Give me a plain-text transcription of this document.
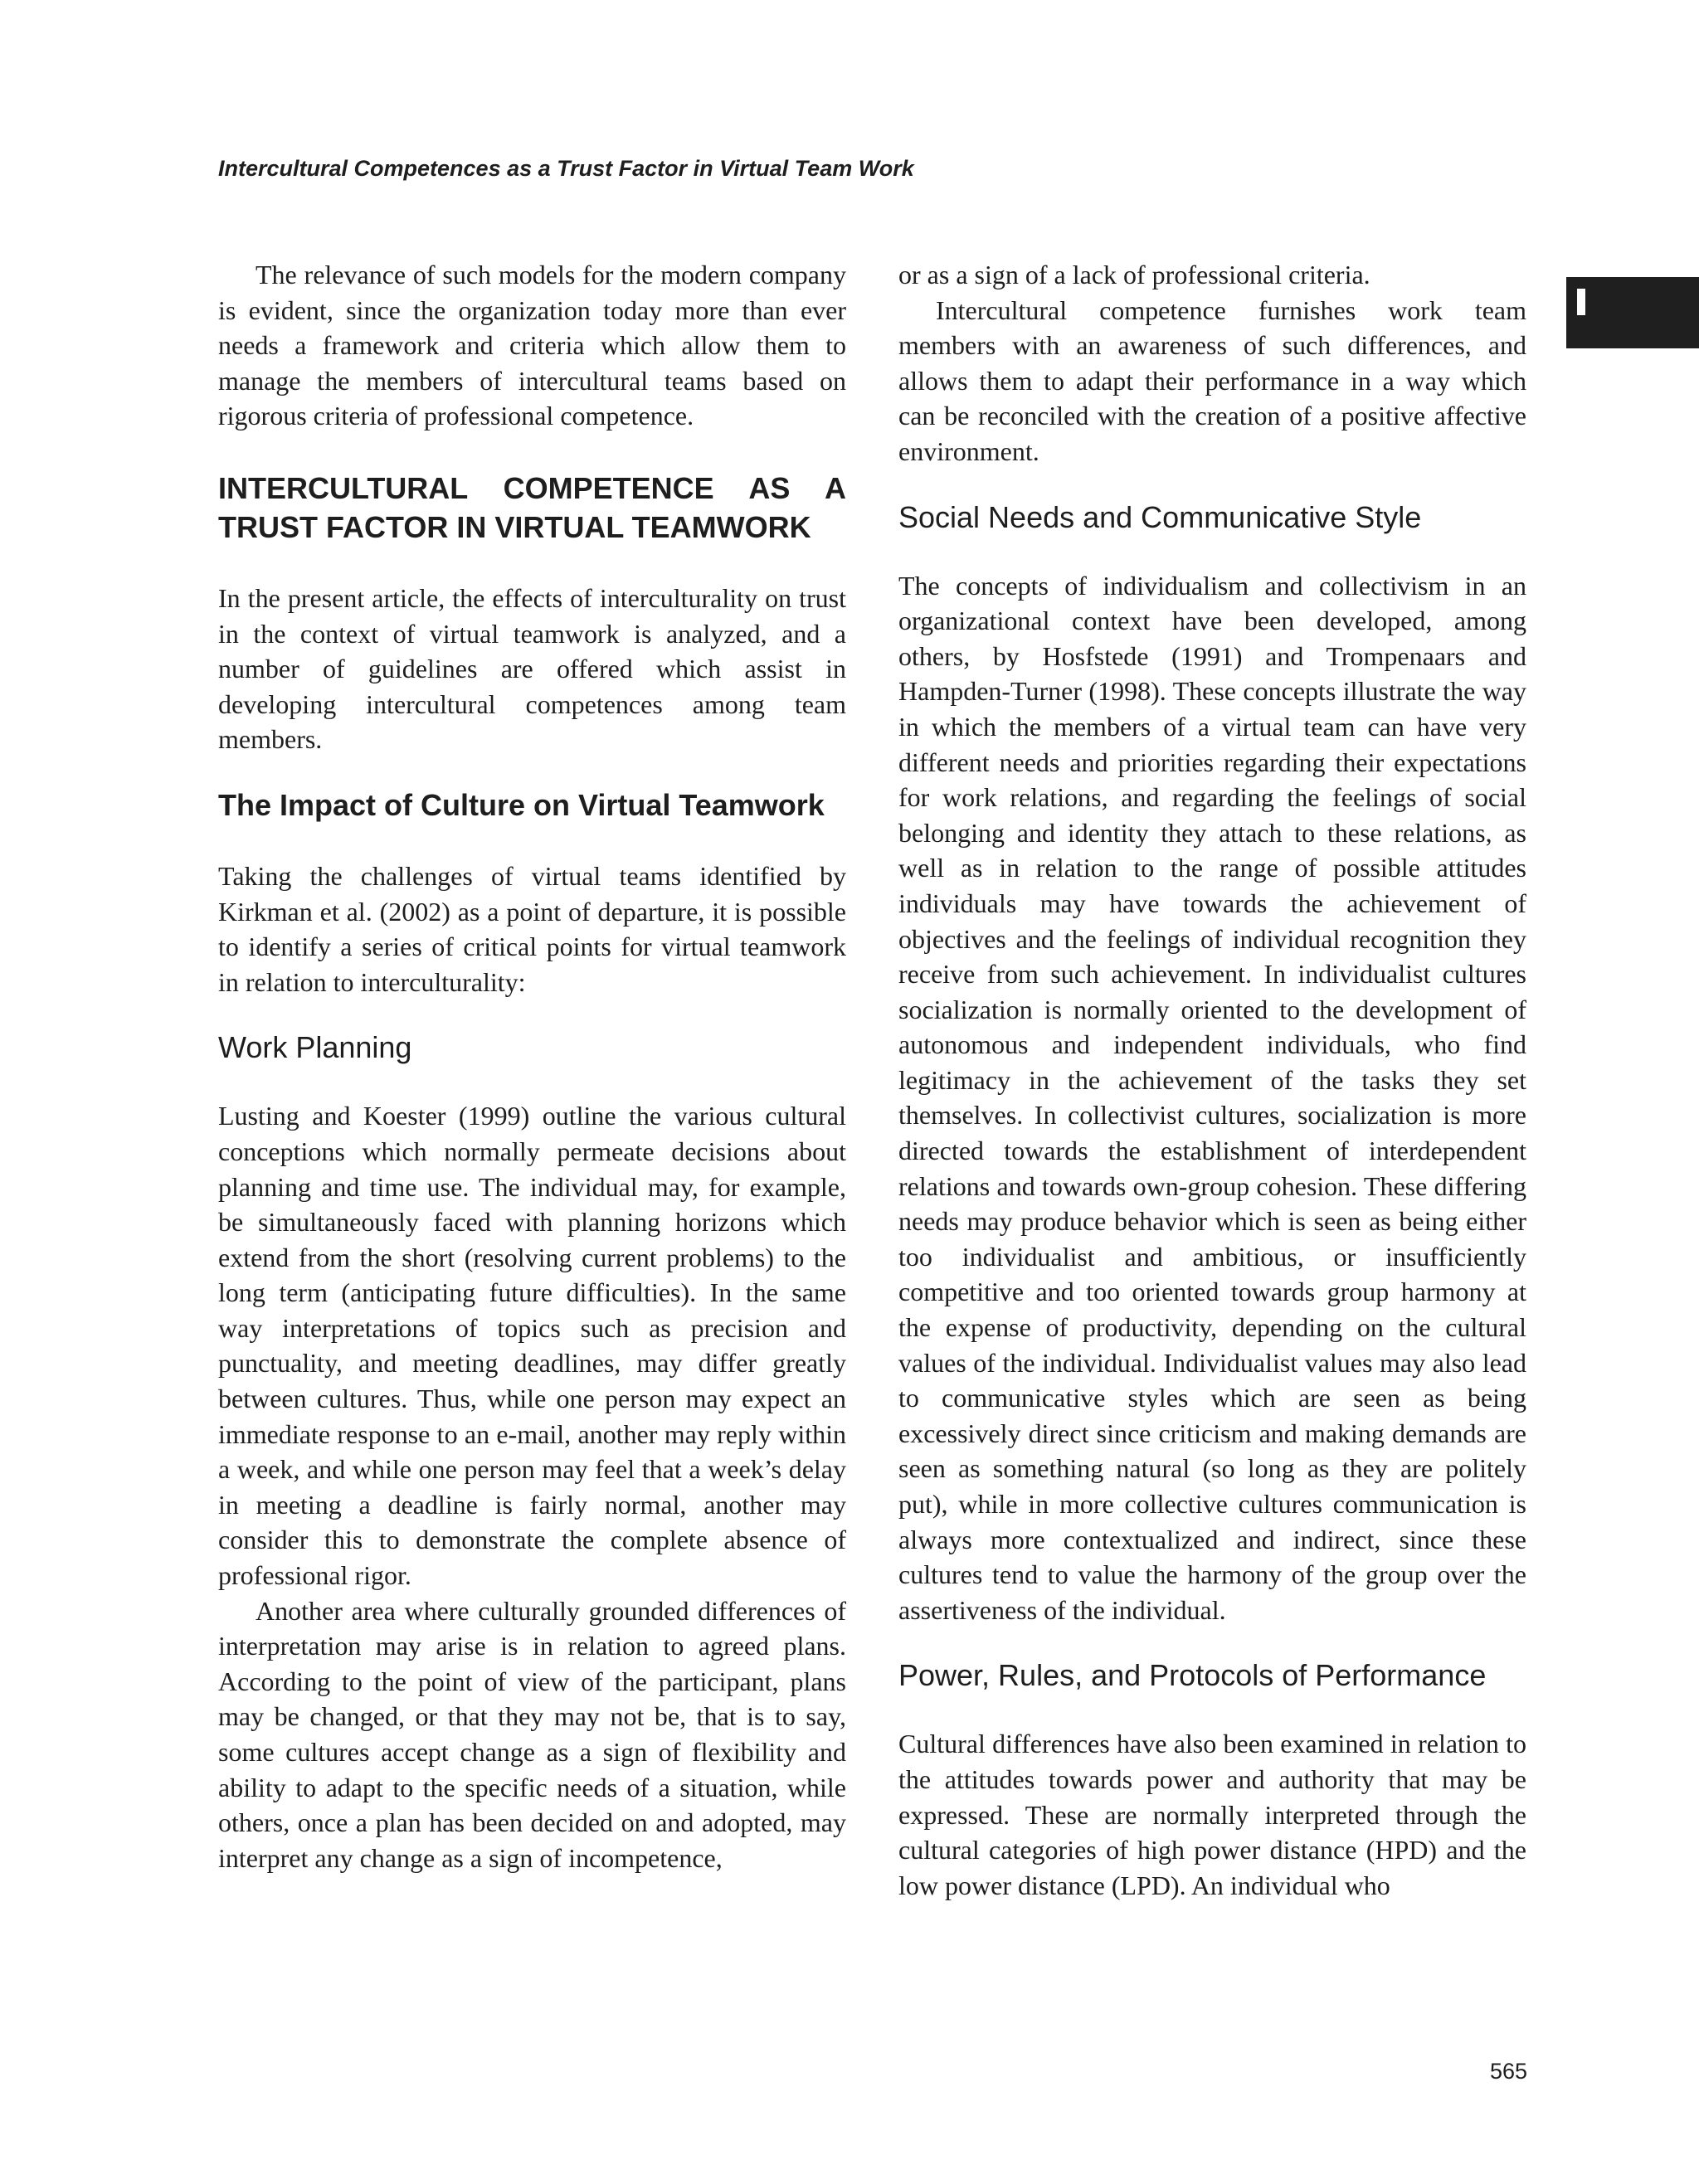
Intercultural Competences as a Trust Factor in Virtual Team Work

The relevance of such models for the modern company is evident, since the organization today more than ever needs a framework and criteria which allow them to manage the members of intercultural teams based on rigorous criteria of professional competence.

INTERCULTURAL COMPETENCE AS A TRUST FACTOR IN VIRTUAL TEAMWORK

In the present article, the effects of interculturality on trust in the context of virtual teamwork is analyzed, and a number of guidelines are offered which assist in developing intercultural competences among team members.

The Impact of Culture on Virtual Teamwork

Taking the challenges of virtual teams identified by Kirkman et al. (2002) as a point of departure, it is possible to identify a series of critical points for virtual teamwork in relation to interculturality:

Work Planning

Lusting and Koester (1999) outline the various cultural conceptions which normally permeate decisions about planning and time use. The individual may, for example, be simultaneously faced with planning horizons which extend from the short (resolving current problems) to the long term (anticipating future difficulties). In the same way interpretations of topics such as precision and punctuality, and meeting deadlines, may differ greatly between cultures. Thus, while one person may expect an immediate response to an e-mail, another may reply within a week, and while one person may feel that a week’s delay in meeting a deadline is fairly normal, another may consider this to demonstrate the complete absence of professional rigor.

Another area where culturally grounded differences of interpretation may arise is in relation to agreed plans. According to the point of view of the participant, plans may be changed, or that they may not be, that is to say, some cultures accept change as a sign of flexibility and ability to adapt to the specific needs of a situation, while others, once a plan has been decided on and adopted, may interpret any change as a sign of incompetence,

or as a sign of a lack of professional criteria.

Intercultural competence furnishes work team members with an awareness of such differences, and allows them to adapt their performance in a way which can be reconciled with the creation of a positive affective environment.

Social Needs and Communicative Style

The concepts of individualism and collectivism in an organizational context have been developed, among others, by Hosfstede (1991) and Trompenaars and Hampden-Turner (1998). These concepts illustrate the way in which the members of a virtual team can have very different needs and priorities regarding their expectations for work relations, and regarding the feelings of social belonging and identity they attach to these relations, as well as in relation to the range of possible attitudes individuals may have towards the achievement of objectives and the feelings of individual recognition they receive from such achievement. In individualist cultures socialization is normally oriented to the development of autonomous and independent individuals, who find legitimacy in the achievement of the tasks they set themselves. In collectivist cultures, socialization is more directed towards the establishment of interdependent relations and towards own-group cohesion. These differing needs may produce behavior which is seen as being either too individualist and ambitious, or insufficiently competitive and too oriented towards group harmony at the expense of productivity, depending on the cultural values of the individual. Individualist values may also lead to communicative styles which are seen as being excessively direct since criticism and making demands are seen as something natural (so long as they are politely put), while in more collective cultures communication is always more contextualized and indirect, since these cultures tend to value the harmony of the group over the assertiveness of the individual.

Power, Rules, and Protocols of Performance

Cultural differences have also been examined in relation to the attitudes towards power and authority that may be expressed. These are normally interpreted through the cultural categories of high power distance (HPD) and the low power distance (LPD). An individual who

565
